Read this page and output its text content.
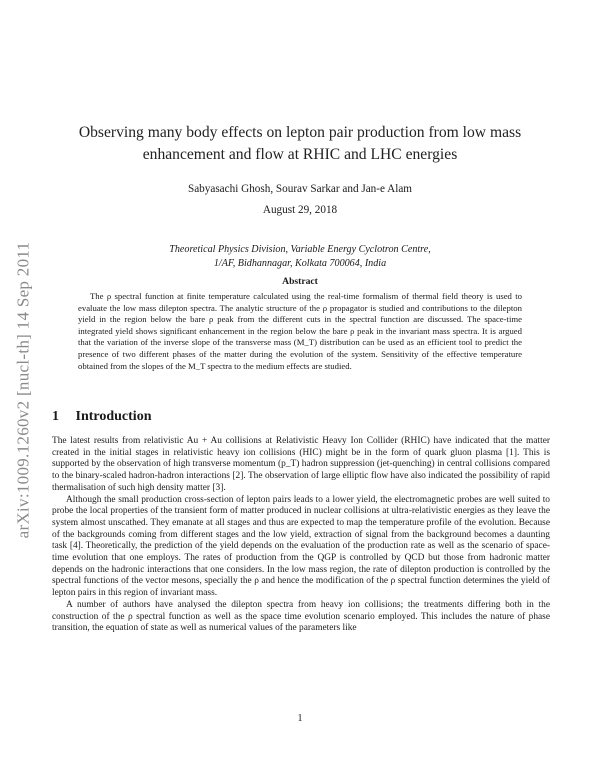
arXiv:1009.1260v2 [nucl-th] 14 Sep 2011
Observing many body effects on lepton pair production from low mass
enhancement and flow at RHIC and LHC energies
Sabyasachi Ghosh, Sourav Sarkar and Jan-e Alam
August 29, 2018
Theoretical Physics Division, Variable Energy Cyclotron Centre,
1/AF, Bidhannagar, Kolkata 700064, India
Abstract
The ρ spectral function at finite temperature calculated using the real-time formalism of thermal field theory is used to evaluate the low mass dilepton spectra. The analytic structure of the ρ propagator is studied and contributions to the dilepton yield in the region below the bare ρ peak from the different cuts in the spectral function are discussed. The space-time integrated yield shows significant enhancement in the region below the bare ρ peak in the invariant mass spectra. It is argued that the variation of the inverse slope of the transverse mass (M_T) distribution can be used as an efficient tool to predict the presence of two different phases of the matter during the evolution of the system. Sensitivity of the effective temperature obtained from the slopes of the M_T spectra to the medium effects are studied.
1 Introduction

The latest results from relativistic Au + Au collisions at Relativistic Heavy Ion Collider (RHIC) have indicated that the matter created in the initial stages in relativistic heavy ion collisions (HIC) might be in the form of quark gluon plasma [1]. This is supported by the observation of high transverse momentum (p_T) hadron suppression (jet-quenching) in central collisions compared to the binary-scaled hadron-hadron interactions [2]. The observation of large elliptic flow have also indicated the possibility of rapid thermalisation of such high density matter [3].

Although the small production cross-section of lepton pairs leads to a lower yield, the electromagnetic probes are well suited to probe the local properties of the transient form of matter produced in nuclear collisions at ultra-relativistic energies as they leave the system almost unscathed. They emanate at all stages and thus are expected to map the temperature profile of the evolution. Because of the backgrounds coming from different stages and the low yield, extraction of signal from the background becomes a daunting task [4]. Theoretically, the prediction of the yield depends on the evaluation of the production rate as well as the scenario of space-time evolution that one employs. The rates of production from the QGP is controlled by QCD but those from hadronic matter depends on the hadronic interactions that one considers. In the low mass region, the rate of dilepton production is controlled by the spectral functions of the vector mesons, specially the ρ and hence the modification of the ρ spectral function determines the yield of lepton pairs in this region of invariant mass.

A number of authors have analysed the dilepton spectra from heavy ion collisions; the treatments differing both in the construction of the ρ spectral function as well as the space time evolution scenario employed. This includes the nature of phase transition, the equation of state as well as numerical values of the parameters like

1
